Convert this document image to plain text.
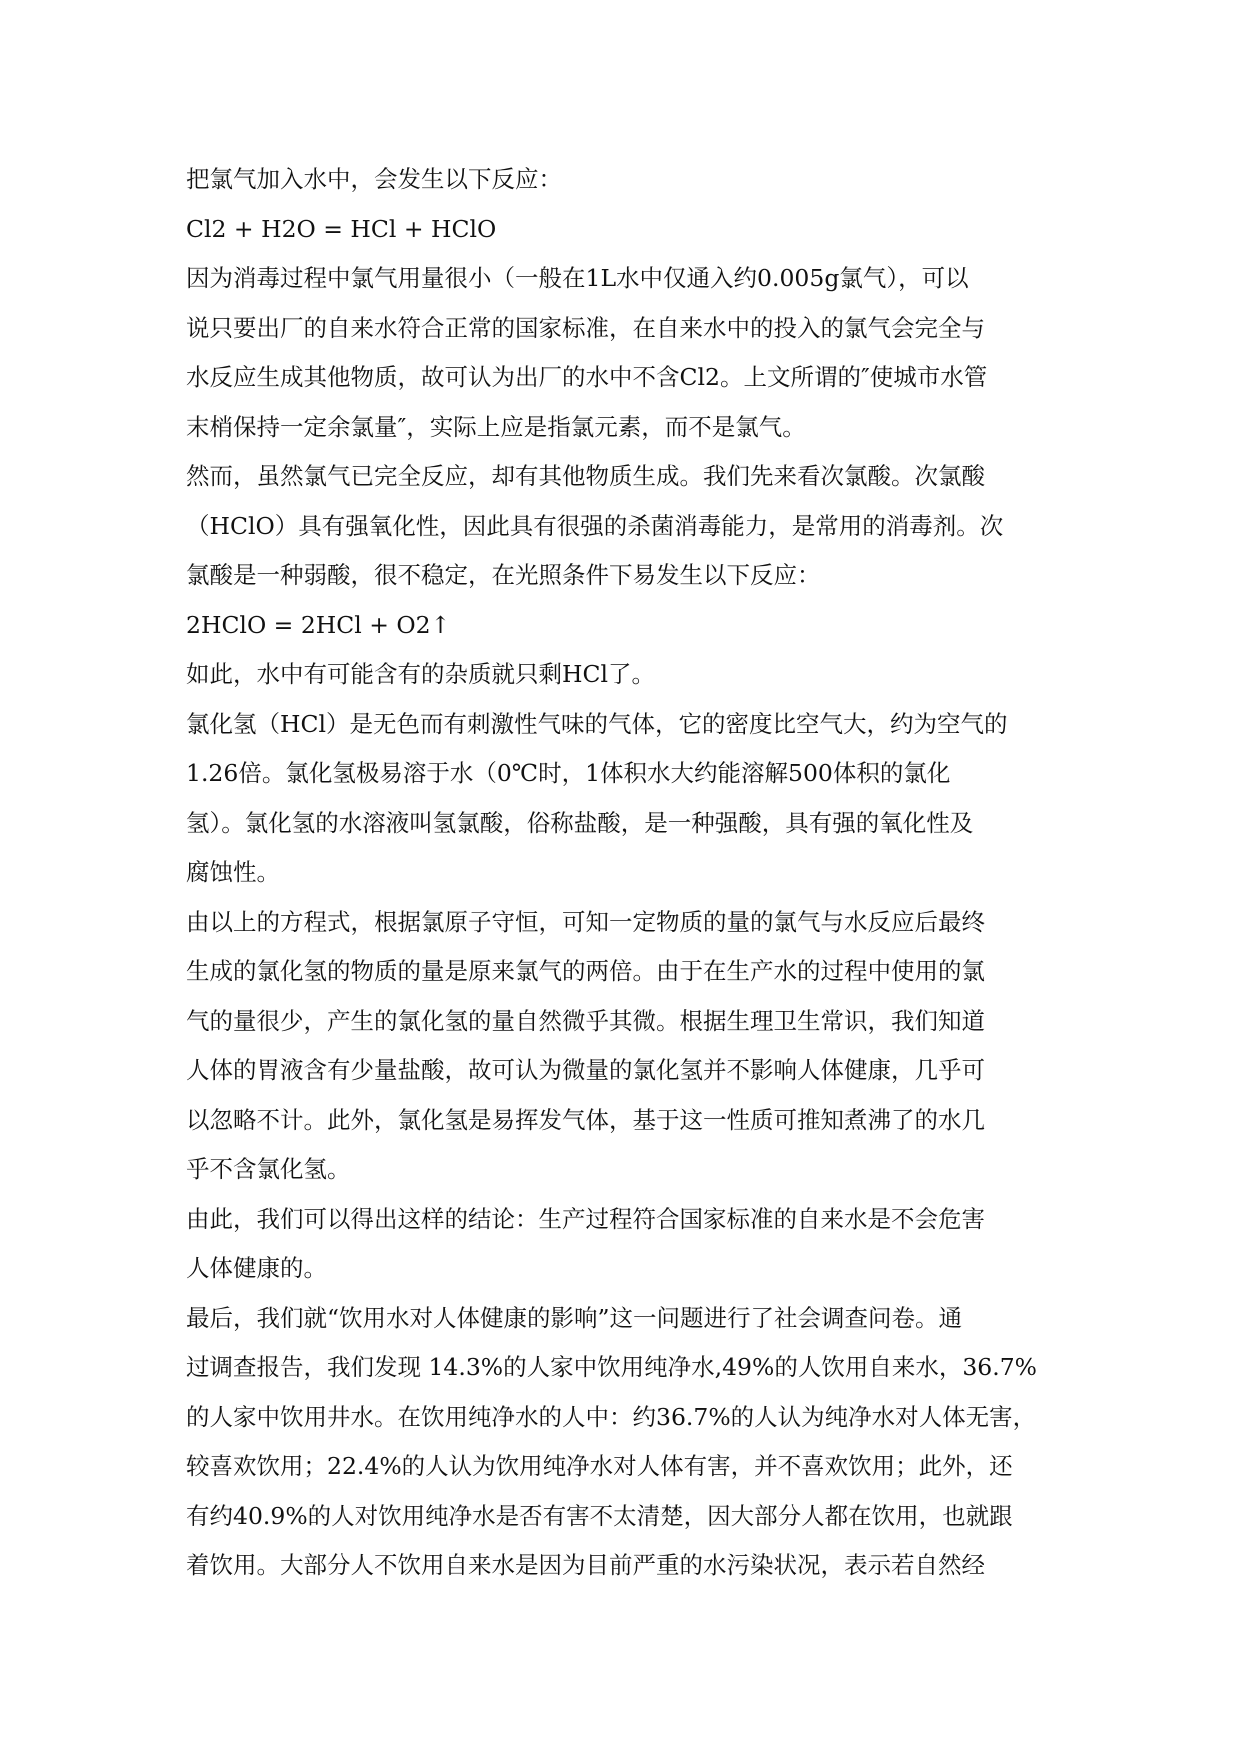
把氯气加入水中，会发生以下反应：
Cl2 + H2O = HCl + HClO
因为消毒过程中氯气用量很小（一般在1L水中仅通入约0.005g氯气），可以
说只要出厂的自来水符合正常的国家标准，在自来水中的投入的氯气会完全与
水反应生成其他物质，故可认为出厂的水中不含Cl2。上文所谓的″使城市水管
末梢保持一定余氯量″，实际上应是指氯元素，而不是氯气。
然而，虽然氯气已完全反应，却有其他物质生成。我们先来看次氯酸。次氯酸
（HClO）具有强氧化性，因此具有很强的杀菌消毒能力，是常用的消毒剂。次
氯酸是一种弱酸，很不稳定，在光照条件下易发生以下反应：
2HClO = 2HCl + O2↑
如此，水中有可能含有的杂质就只剩HCl了。
氯化氢（HCl）是无色而有刺激性气味的气体，它的密度比空气大，约为空气的
1.26倍。氯化氢极易溶于水（0℃时，1体积水大约能溶解500体积的氯化
氢）。氯化氢的水溶液叫氢氯酸，俗称盐酸，是一种强酸，具有强的氧化性及
腐蚀性。
由以上的方程式，根据氯原子守恒，可知一定物质的量的氯气与水反应后最终
生成的氯化氢的物质的量是原来氯气的两倍。由于在生产水的过程中使用的氯
气的量很少，产生的氯化氢的量自然微乎其微。根据生理卫生常识，我们知道
人体的胃液含有少量盐酸，故可认为微量的氯化氢并不影响人体健康，几乎可
以忽略不计。此外，氯化氢是易挥发气体，基于这一性质可推知煮沸了的水几
乎不含氯化氢。
由此，我们可以得出这样的结论：生产过程符合国家标准的自来水是不会危害
人体健康的。
最后，我们就“饮用水对人体健康的影响”这一问题进行了社会调查问卷。通
过调查报告，我们发现 14.3%的人家中饮用纯净水,49%的人饮用自来水，36.7%
的人家中饮用井水。在饮用纯净水的人中：约36.7%的人认为纯净水对人体无害，
较喜欢饮用；22.4%的人认为饮用纯净水对人体有害，并不喜欢饮用；此外，还
有约40.9%的人对饮用纯净水是否有害不太清楚，因大部分人都在饮用，也就跟
着饮用。大部分人不饮用自来水是因为目前严重的水污染状况，表示若自然经
